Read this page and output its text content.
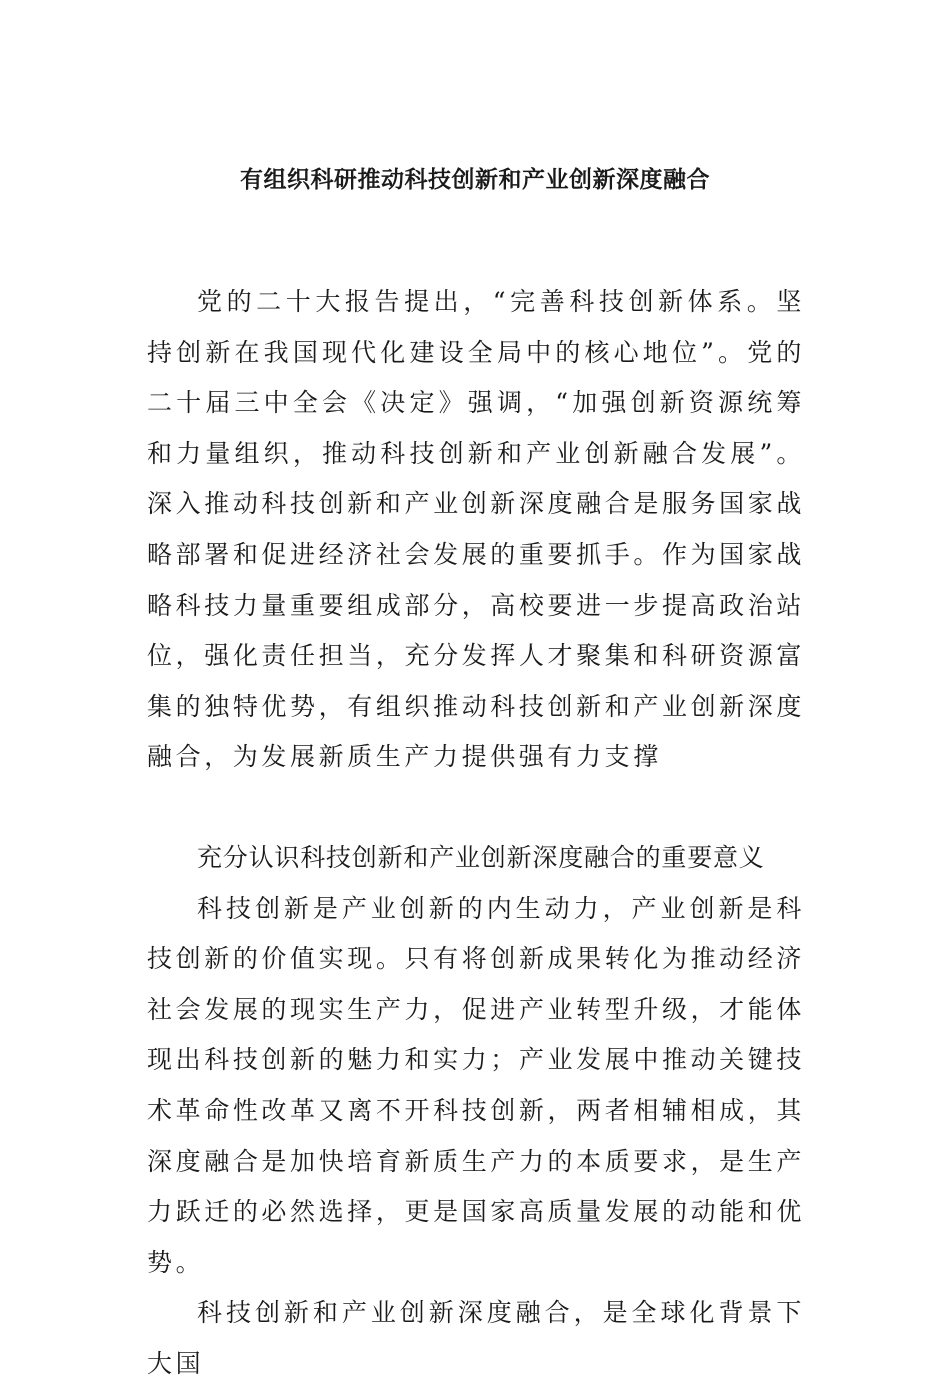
有组织科研推动科技创新和产业创新深度融合

党的二十大报告提出，“完善科技创新体系。坚持创新在我国现代化建设全局中的核心地位”。党的二十届三中全会《决定》强调，“加强创新资源统筹和力量组织，推动科技创新和产业创新融合发展”。深入推动科技创新和产业创新深度融合是服务国家战略部署和促进经济社会发展的重要抓手。作为国家战略科技力量重要组成部分，高校要进一步提高政治站位，强化责任担当，充分发挥人才聚集和科研资源富集的独特优势，有组织推动科技创新和产业创新深度融合，为发展新质生产力提供强有力支撑

充分认识科技创新和产业创新深度融合的重要意义

科技创新是产业创新的内生动力，产业创新是科技创新的价值实现。只有将创新成果转化为推动经济社会发展的现实生产力，促进产业转型升级，才能体现出科技创新的魅力和实力；产业发展中推动关键技术革命性改革又离不开科技创新，两者相辅相成，其深度融合是加快培育新质生产力的本质要求，是生产力跃迁的必然选择，更是国家高质量发展的动能和优势。

科技创新和产业创新深度融合，是全球化背景下大国
